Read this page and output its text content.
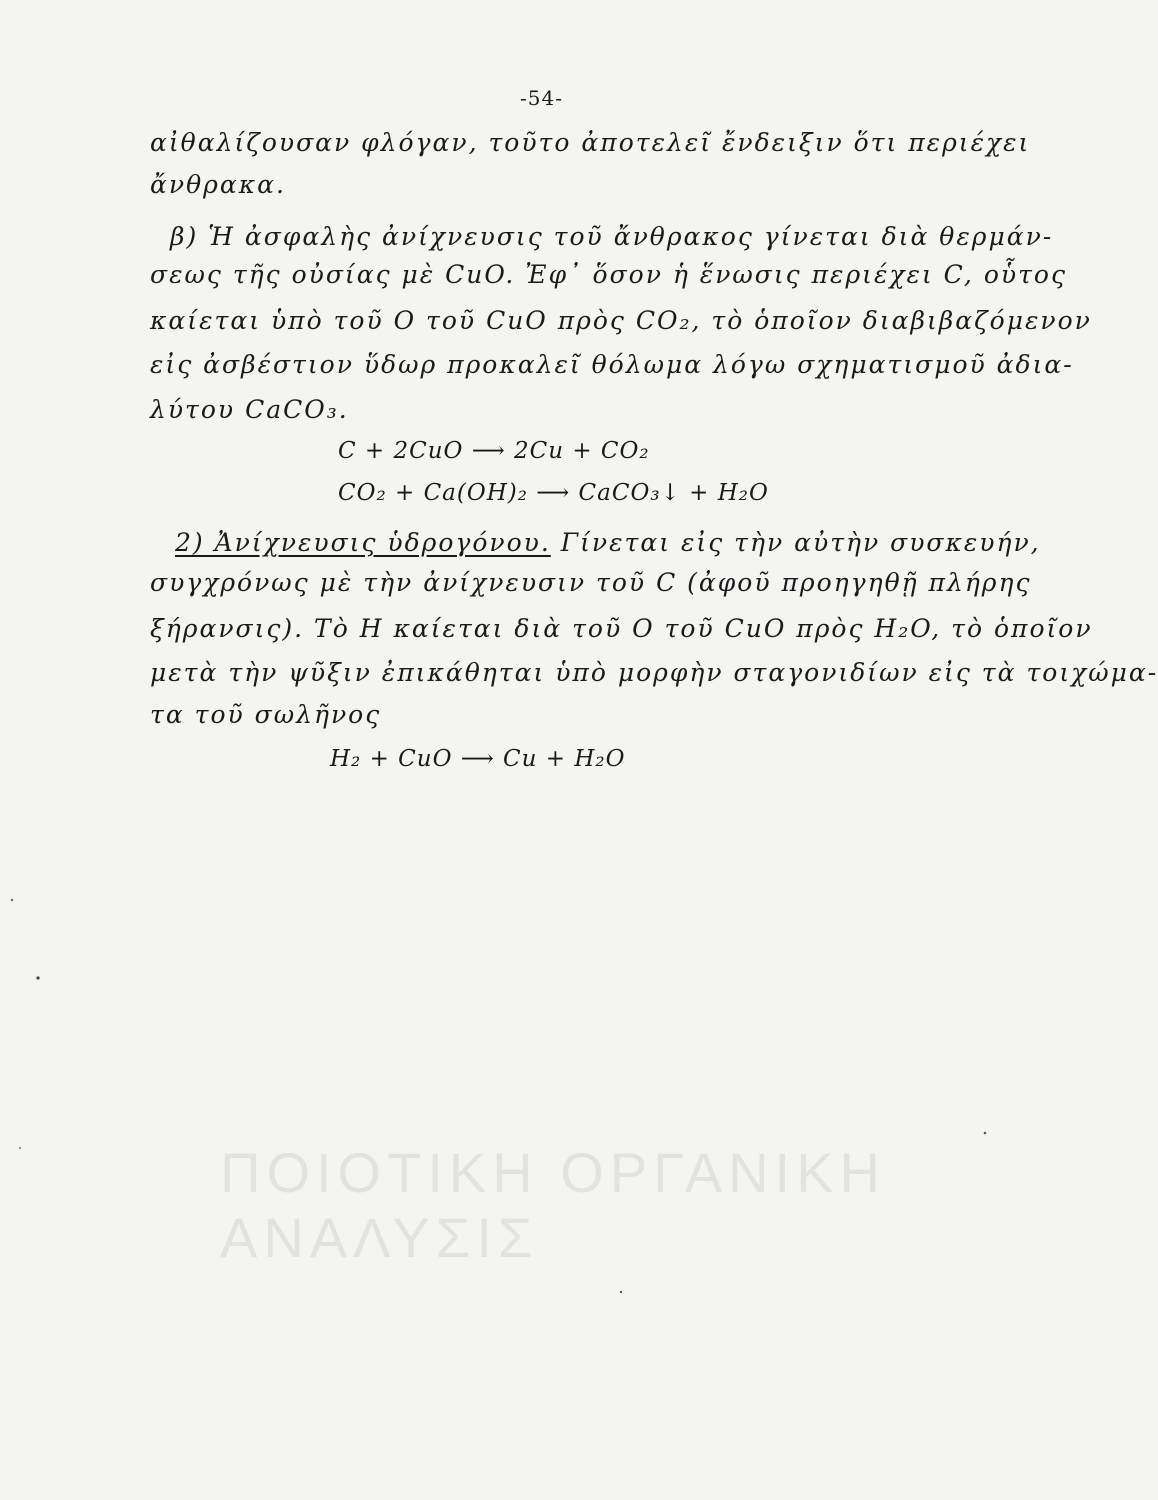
ΠΟΙΟΤΙΚΗ ΟΡΓΑΝΙΚΗ ΑΝΑΛΥΣΙΣ
-54-
αἰθαλίζουσαν φλόγαν, τοῦτο ἀποτελεῖ ἔνδειξιν ὅτι περιέχει
ἄνθρακα.
β) Ἡ ἀσφαλὴς ἀνίχνευσις τοῦ ἄνθρακος γίνεται διὰ θερμάν-
σεως τῆς οὐσίας μὲ CuO. Ἐφ᾽ ὅσον ἡ ἕνωσις περιέχει C, οὗτος
καίεται ὑπὸ τοῦ O τοῦ CuO πρὸς CO₂, τὸ ὁποῖον διαβιβαζόμενον
εἰς ἀσβέστιον ὕδωρ προκαλεῖ θόλωμα λόγω σχηματισμοῦ ἀδια-
λύτου CaCO₃.
C + 2CuO ⟶ 2Cu + CO₂
CO₂ + Ca(OH)₂ ⟶ CaCO₃↓ + H₂O
2) Ἀνίχνευσις ὑδρογόνου. Γίνεται εἰς τὴν αὐτὴν συσκευήν,
συγχρόνως μὲ τὴν ἀνίχνευσιν τοῦ C (ἀφοῦ προηγηθῇ πλήρης
ξήρανσις). Τὸ H καίεται διὰ τοῦ O τοῦ CuO πρὸς H₂O, τὸ ὁποῖον
μετὰ τὴν ψῦξιν ἐπικάθηται ὑπὸ μορφὴν σταγονιδίων εἰς τὰ τοιχώμα-
τα τοῦ σωλῆνος
H₂ + CuO ⟶ Cu + H₂O
